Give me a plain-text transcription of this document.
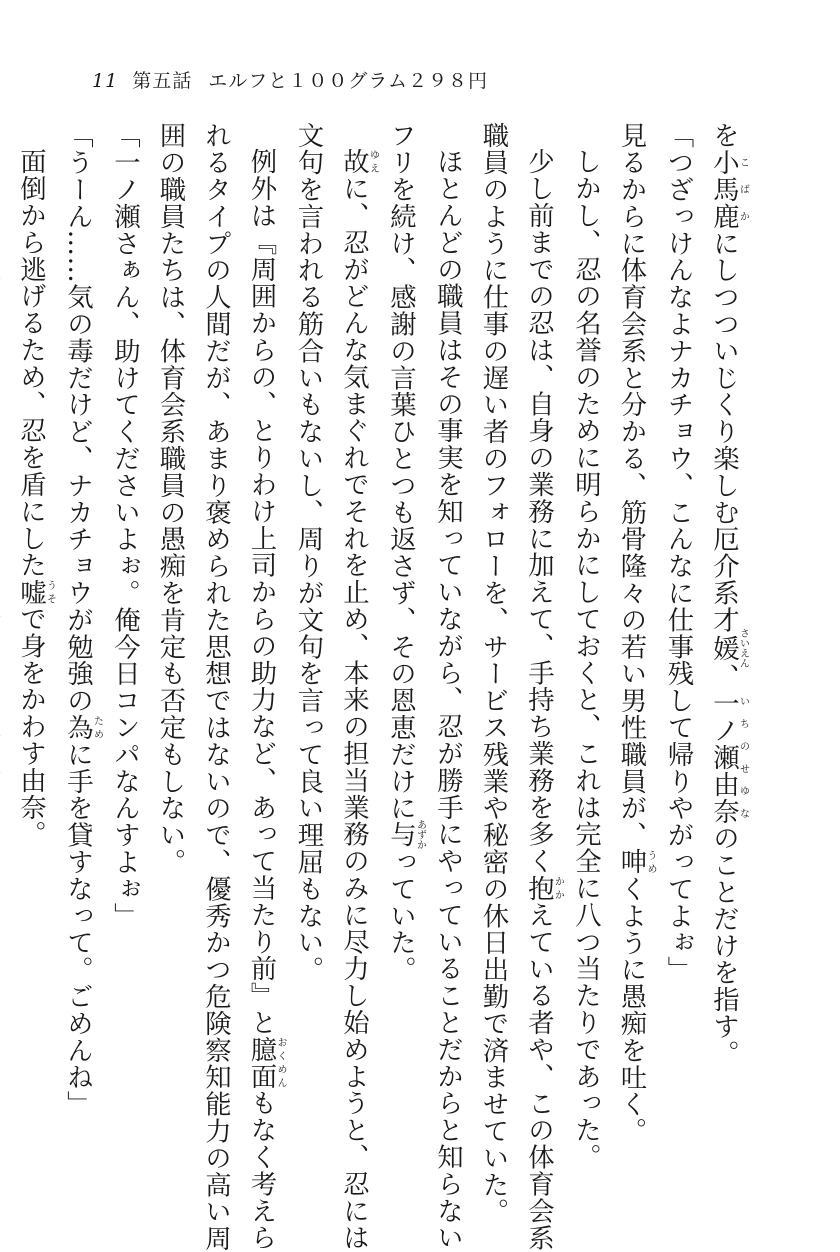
11 第五話 エルフと１００グラム２９８円
を小馬鹿こばかにしつついじくり楽しむ厄介系才媛さいえん、一ノ瀬由奈いちのせゆなのことだけを指す。
「つざっけんなよナカチョウ、こんなに仕事残して帰りやがってよぉ」
見るからに体育会系と分かる、筋骨隆々の若い男性職員が、呻うめくように愚痴を吐く。
しかし、忍の名誉のために明らかにしておくと、これは完全に八つ当たりであった。
少し前までの忍は、自身の業務に加えて、手持ち業務を多く抱かかえている者や、この体育会系
職員のように仕事の遅い者のフォローを、サービス残業や秘密の休日出勤で済ませていた。
ほとんどの職員はその事実を知っていながら、忍が勝手にやっていることだからと知らない
フリを続け、感謝の言葉ひとつも返さず、その恩恵だけに与あずかっていた。
故ゆえに、忍がどんな気まぐれでそれを止め、本来の担当業務のみに尽力し始めようと、忍には
文句を言われる筋合いもないし、周りが文句を言って良い理屈もない。
例外は『周囲からの、とりわけ上司からの助力など、あって当たり前』と臆面おくめんもなく考えら
れるタイプの人間だが、あまり褒められた思想ではないので、優秀かつ危険察知能力の高い周
囲の職員たちは、体育会系職員の愚痴を肯定も否定もしない。
「一ノ瀬さぁん、助けてくださいよぉ。俺今日コンパなんすよぉ」
「うーん……気の毒だけど、ナカチョウが勉強の為ために手を貸すなって。ごめんね」
面倒から逃げるため、忍を盾にした嘘うそで身をかわす由奈。
